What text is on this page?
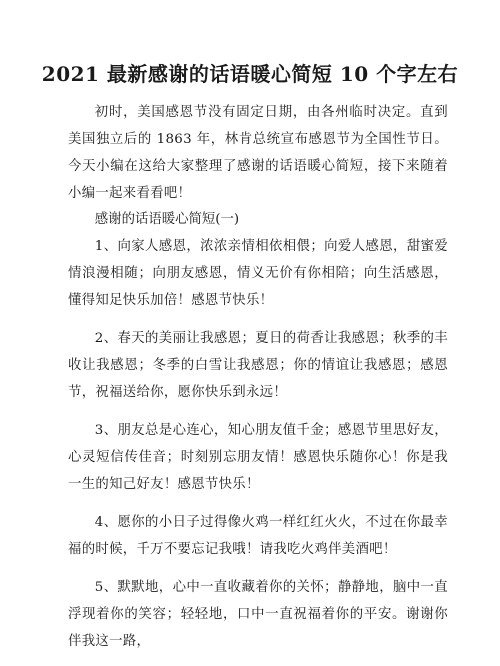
2021 最新感谢的话语暖心简短 10 个字左右

初时，美国感恩节没有固定日期，由各州临时决定。直到美国独立后的 1863 年，林肯总统宣布感恩节为全国性节日。今天小编在这给大家整理了感谢的话语暖心简短，接下来随着小编一起来看看吧！

感谢的话语暖心简短(一)

1、向家人感恩，浓浓亲情相依相偎；向爱人感恩，甜蜜爱情浪漫相随；向朋友感恩，情义无价有你相陪；向生活感恩，懂得知足快乐加倍！感恩节快乐！

2、春天的美丽让我感恩；夏日的荷香让我感恩；秋季的丰收让我感恩；冬季的白雪让我感恩；你的情谊让我感恩；感恩节，祝福送给你，愿你快乐到永远！

3、朋友总是心连心，知心朋友值千金；感恩节里思好友，心灵短信传佳音；时刻别忘朋友情！感恩快乐随你心！你是我一生的知己好友！感恩节快乐！

4、愿你的小日子过得像火鸡一样红红火火，不过在你最幸福的时候，千万不要忘记我哦！请我吃火鸡伴美酒吧！

5、默默地，心中一直收藏着你的关怀；静静地，脑中一直浮现着你的笑容；轻轻地，口中一直祝福着你的平安。谢谢你伴我这一路，
